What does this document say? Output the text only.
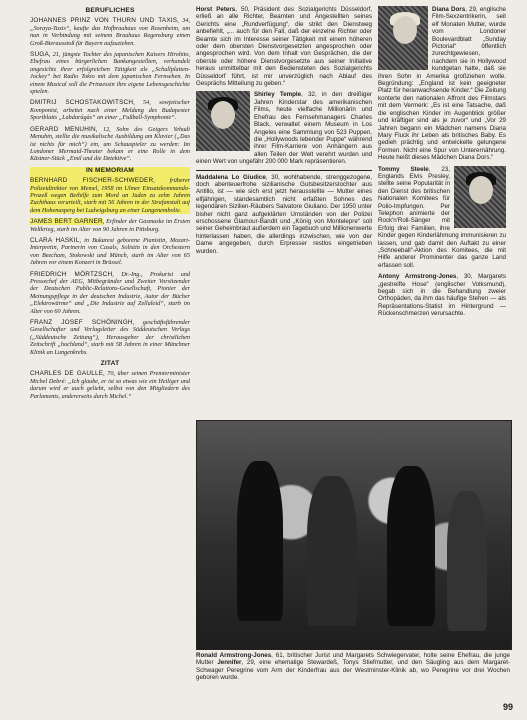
BERUFLICHES
JOHANNES PRINZ VON THURN UND TAXIS, 34, „Soraya-Taxis“, kaufte das Hofbrauhaus von Rosenheim, um nun in Verbindung mit seinem Brauhaus Regensburg einen Groß-Bierausstoß für Bayern aufzuziehen.
SUGA, 21, jüngste Tochter des japanischen Kaisers Hirohito, Ehefrau eines bürgerlichen Bankangestellten, verhandelt angesichts ihrer erfolgreichen Tätigkeit als „Schallplatten-Jockey“ bei Radio Tokio mit dem japanischen Fernsehen. In einem Musical soll die Prinzessin ihre eigene Lebensgeschichte spielen.
DMITRIJ SCHOSTAKOWITSCH, 54, sowjetischer Komponist, arbeitet nach einer Meldung des Budapester Sportblatts „Labdarúgás“ an einer „Fußball-Symphonie“.
GERARD MENUHIN, 12, Sohn des Geigers Yehudi Menuhin, stellte die musikalische Ausbildung am Klavier („Das ist nichts für mich“) ein, um Schauspieler zu werden: Im Londoner Mermaid-Theater bekam er eine Rolle in dem Kästner-Stück „Emil und die Detektive“.
IN MEMORIAM
BERNHARD FISCHER-SCHWEDER, früherer Polizeidirektor von Memel, 1958 im Ulmer Einsatzkommando-Prozeß wegen Beihilfe zum Mord an Juden zu zehn Jahren Zuchthaus verurteilt, starb mit 56 Jahren in der Strafanstalt auf dem Hohenasperg bei Ludwigsburg an einer Lungenembolie.
JAMES BERT GARNER, Erfinder der Gasmaske im Ersten Weltkrieg, starb im Alter von 90 Jahren in Pittsburg.
CLARA HASKIL, in Bukarest geborene Pianistin, Mozart-Interpretin, Partnerin von Casals, Solistin in den Orchestern von Beecham, Stokowski und Münch, starb im Alter von 65 Jahren vor einem Konzert in Brüssel.
FRIEDRICH MÖRTZSCH, Dr.-Ing., Prokurist und Pressechef der AEG, Mitbegründer und Zweiter Vorsitzender der Deutschen Public-Relations-Gesellschaft, Pionier der Meinungspflege in der deutschen Industrie, Autor der Bücher „Elektrowärme“ und „Die Industrie auf Zelluloid“, starb im Alter von 60 Jahren.
FRANZ JOSEF SCHÖNINGH, geschäftsführender Gesellschafter und Verlagsleiter des Süddeutschen Verlags („Süddeutsche Zeitung“), Herausgeber der christlichen Zeitschrift „hochland“, starb mit 58 Jahren in einer Münchner Klinik an Lungenkrebs.
ZITAT
CHARLES DE GAULLE, 70, über seinen Premierminister Michel Debré: „Ich glaube, er ist so etwas wie ein Heiliger und darum wird er auch geliebt, selbst von den Mitgliedern des Parlaments, andererseits durch Michel.“
Horst Peters, 50, Präsident des Sozialgerichts Düsseldorf, erließ an alle Richter, Beamten und Angestellten seines Gerichts eine „Rundverfügung“, die strikt den Dienstweg anbefiehlt, „... auch für den Fall, daß der einzelne Richter oder Beamte sich im Interesse seiner Tätigkeit mit einem höheren oder dem obersten Dienstvorgesetzten angesprochen oder angesprochen wird. Von dem Inhalt von Gesprächen, die der oberste oder höhere Dienstvorgesetzte aus seiner Initiative heraus unmittelbar mit den Bediensteten des Sozialgerichts Düsseldorf führt, ist mir unverzüglich nach Ablauf des Gesprächs Mitteilung zu geben.“
Shirley Temple, 32, in den dreißiger Jahren Kinderstar des amerikanischen Films, heute vielfache Millionärin und Ehefrau des Fernsehmanagers Charles Black, verwaltet einem Museum in Los Angeles eine Sammlung von 523 Puppen, die „Hollywoods lebender Puppe“ während ihrer Film-Karriere von Anhängern aus allen Teilen der Welt verehrt wurden und einen Wert von ungefähr 200 000 Mark repräsentieren.
Maddalena Lo Giudice, 30, wohlhabende, strenggezogene, doch abenteuerfrohe sizilianische Gutsbesitzerstochter aus Antillo, ist — wie sich erst jetzt herausstellte — Mutter eines elfjährigen, standesamtlich nicht erfaßten Sohnes des legendären Sizilien-Räubers Salvatore Giuliano. Der 1950 unter bisher nicht ganz aufgeklärten Umständen von der Polizei erschossene Glamour-Bandit und „König von Montelepre“ soll seiner Geheimbraut außerdem ein Tagebuch und Millionenwerte hinterlassen haben, die allerdings inzwischen, wie von der Dame angegeben, durch Erpresser restlos eingetrieben wurden.
Diana Dors, 29, englische Film-Sexzentrikerin, seit elf Monaten Mutter, wurde vom Londoner Boulevardblatt „Sunday Pictorial“ öffentlich zurechtgewiesen, nachdem sie in Hollywood kundgetan hatte, daß sie ihren Sohn in Amerika großziehen wolle. Begründung: „England ist kein geeigneter Platz für heranwachsende Kinder.“ Die Zeitung konterte den nationalen Affront des Filmstars mit dem Vermerk: „Es ist eine Tatsache, daß die englischen Kinder im Augenblick größer und kräftiger sind als je zuvor“ und „Vor 29 Jahren begann ein Mädchen namens Diana Mary Fluck ihr Leben als britisches Baby. Es gedieh prächtig und entwickelte gelungene Formen. Nicht eine Spur von Unterernährung. Heute heißt dieses Mädchen Diana Dors.“
Tommy Steele, 23, Englands Elvis Presley, stellte seine Popularität in den Dienst des britischen Nationalen Komitees für Polio-Impfungen. Per Telephon animierte der Rock'n'Roll-Sänger mit Erfolg drei Familien, ihre Kinder gegen Kinderlähmung immunisieren zu lassen, und gab damit den Auftakt zu einer „Schneeball“-Aktion des Komitees, die mit Hilfe anderer Prominenter das ganze Land erfassen soll.
Antony Armstrong-Jones, 30, Margarets „gestreifte Hose“ (englischer Volksmund), begab sich in die Behandlung zweier Orthopäden, da ihm das häufige Stehen — als Repräsentations-Statist im Hintergrund — Rückenschmerzen verursachte.
Ronald Armstrong-Jones, 61, britischer Jurist und Margarets Schwiegervater, holte seine Ehefrau, die junge Mutter Jennifer, 29, eine ehemalige Stewardeß, Tonys Stiefmutter, und den Säugling aus dem Margaret-Schwager Peregrine vom Arm der Kinderfrau aus der Westminster-Klinik ab, wo Peregrine vor drei Wochen geboren wurde.
99
